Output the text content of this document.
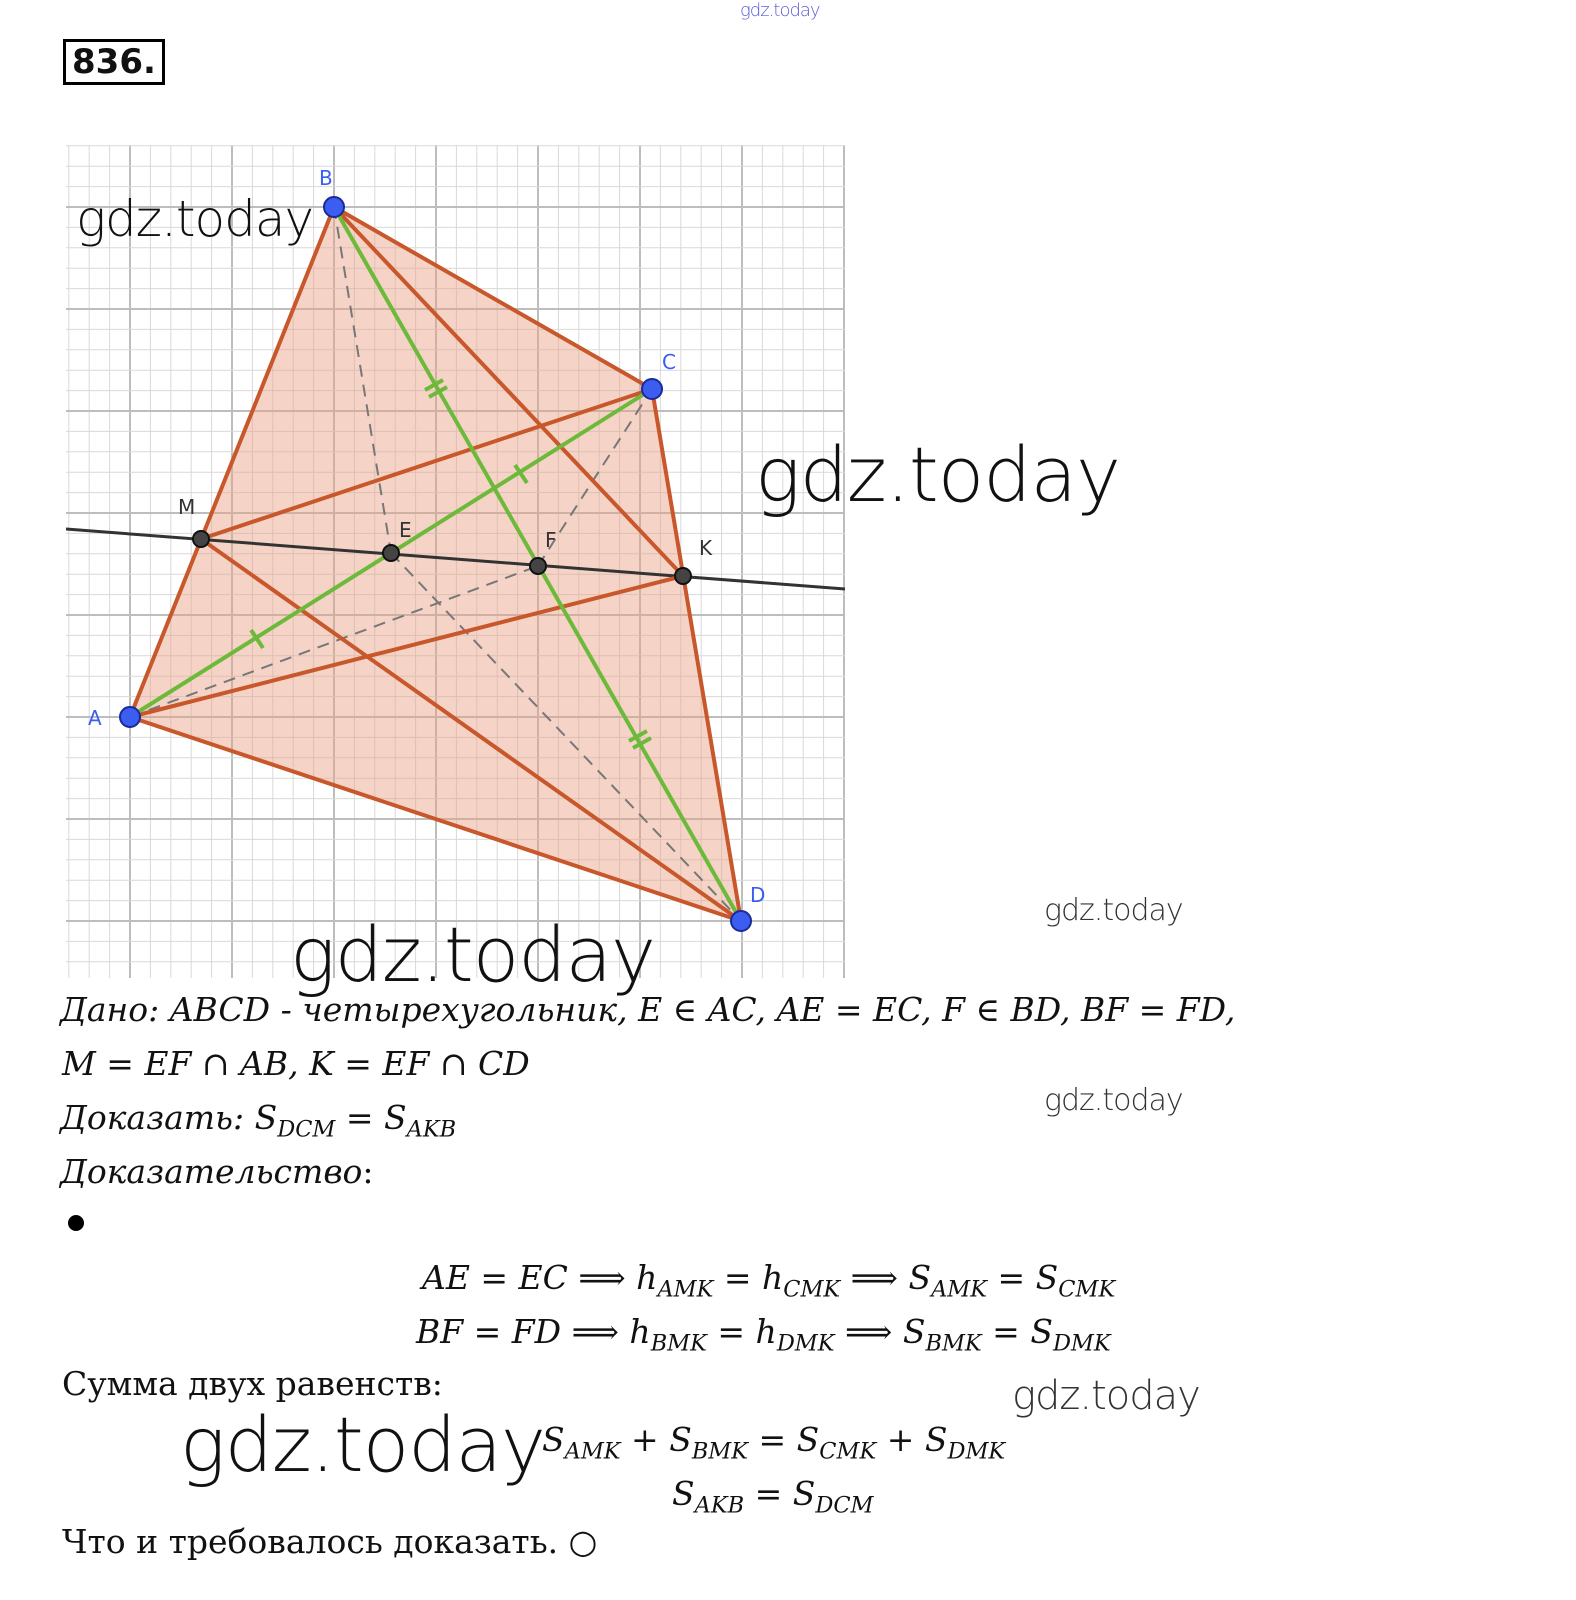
836.
gdz.today
B
C
A
D
M
E	F	K
gdz.today
gdz.today
gdz.today	gdz.today
Дано: ABCD - четырехугольник, E ∈ AC, AE = EC, F ∈ BD, BF = FD,
M = EF ∩ AB, K = EF ∩ CD
gdz.today
Доказать: $S_{DCM} = S_{AKB}$
Доказательство:
AE = EC ⟹ $h_{AMK} = h_{CMK}$ ⟹ $S_{AMK} = S_{CMK}$
BF = FD ⟹ $h_{BMK} = h_{DMK}$ ⟹ $S_{BMK} = S_{DMK}$
Сумма двух равенств:	gdz.today
gdz.today
$S_{AMK} + S_{BMK} = S_{CMK} + S_{DMK}$
$S_{AKB} = S_{DCM}$
Что и требовалось доказать. ○
